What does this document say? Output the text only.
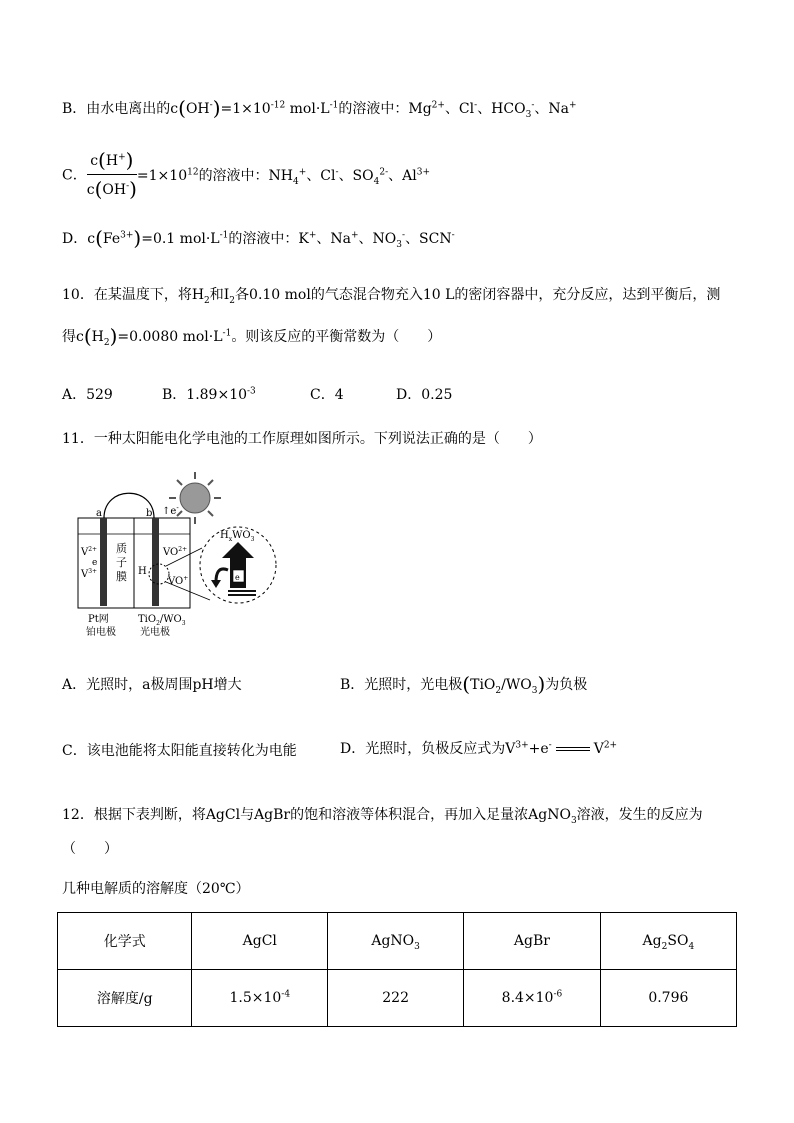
B．由水电离出的$c(OH^-)=1\times 10^{-12}$ $mol\cdot L^{-1}$的溶液中：$Mg^{2+}$、Cl-、$HCO_3^-$、Na+
C． $\frac{c(H^+)}{c(OH^-)} =1\times 10^{12}$的溶液中：$NH_4^+$、Cl-、$SO_4^{2-}$、$Al^{3+}$
D．$c(Fe^{3+})=0.1$ $mol\cdot L^{-1}$的溶液中：K+、Na+、$NO_3^-$、SCN-
10．在某温度下，将$H_2$和$I_2$各0.10 mol的气态混合物充入10 L的密闭容器中，充分反应，达到平衡后，测
得$c(H_2)=0.0080$ $mol\cdot L^{-1}$。则该反应的平衡常数为（　　）
A．529	B．$1.89\times 10^{-3}$	C．4	D．0.25
11．一种太阳能电化学电池的工作原理如图所示。下列说法正确的是（　　）
a	b ↑e-
$V^{2+}$
e
$V^{3+}$
质
子
膜
$VO^{2+}$
H
VO+
$H_xWO_3$
e
Pt网
铂电极
$TiO_2/WO_3$
光电极
A．光照时，a极周围pH增大	B．光照时，光电极$(TiO_2/WO_3)$为负极
C．该电池能将太阳能直接转化为电能	D．光照时，负极反应式为$V^{3+}+e^-$	$V^{2+}$
12．根据下表判断，将AgCl与AgBr的饱和溶液等体积混合，再加入足量浓AgNO$_3$溶液，发生的反应为
（　　）
几种电解质的溶解度（20℃）
化学式	AgCl	AgNO$_3$	AgBr	$Ag_2SO_4$
溶解度/g	$1.5\times 10^{-4}$	222	$8.4\times 10^{-6}$	0.796
